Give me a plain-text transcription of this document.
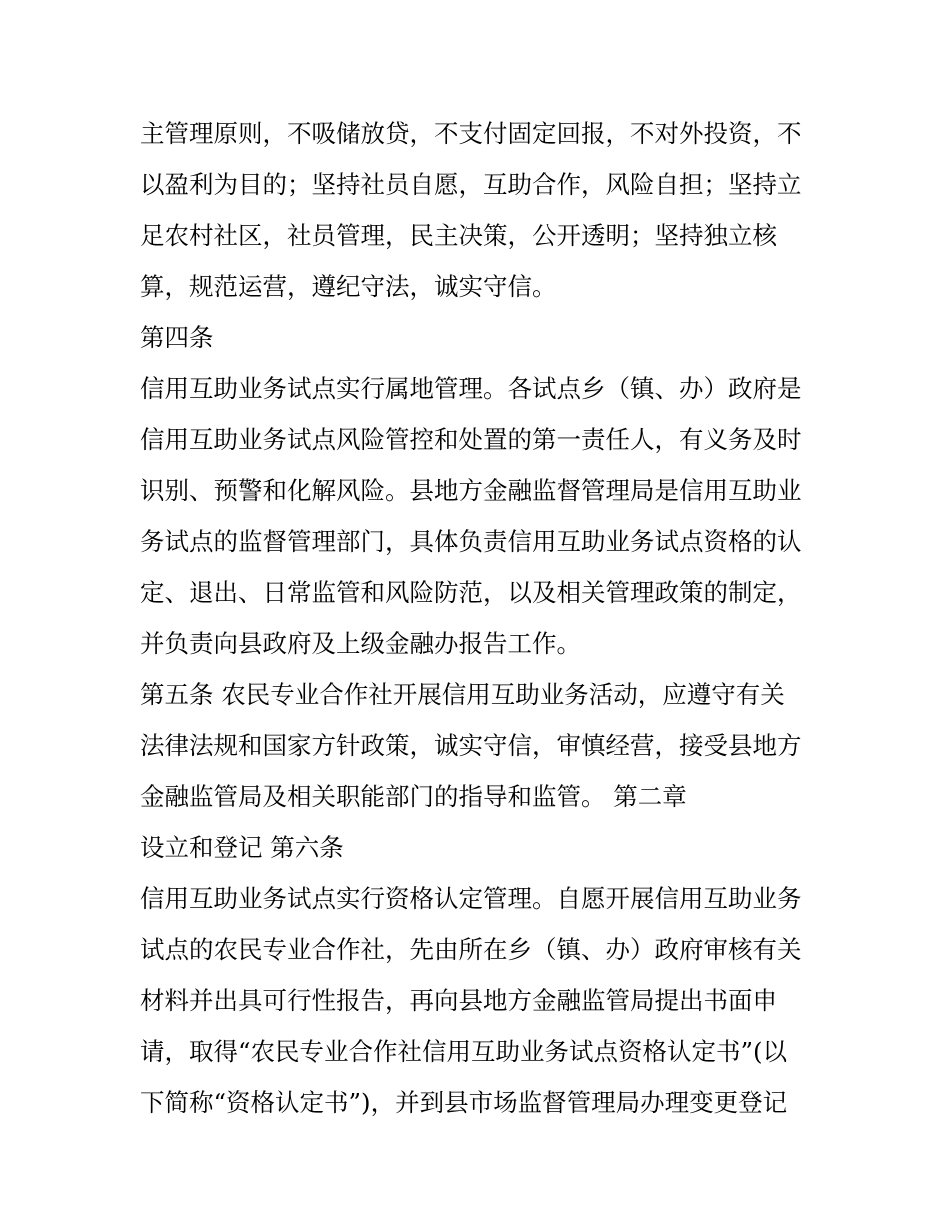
主管理原则，不吸储放贷，不支付固定回报，不对外投资，不
以盈利为目的；坚持社员自愿，互助合作，风险自担；坚持立
足农村社区，社员管理，民主决策，公开透明；坚持独立核
算，规范运营，遵纪守法，诚实守信。
第四条
信用互助业务试点实行属地管理。各试点乡（镇、办）政府是
信用互助业务试点风险管控和处置的第一责任人，有义务及时
识别、预警和化解风险。县地方金融监督管理局是信用互助业
务试点的监督管理部门，具体负责信用互助业务试点资格的认
定、退出、日常监管和风险防范，以及相关管理政策的制定，
并负责向县政府及上级金融办报告工作。
第五条 农民专业合作社开展信用互助业务活动，应遵守有关
法律法规和国家方针政策，诚实守信，审慎经营，接受县地方
金融监管局及相关职能部门的指导和监管。 第二章
设立和登记 第六条
信用互助业务试点实行资格认定管理。自愿开展信用互助业务
试点的农民专业合作社，先由所在乡（镇、办）政府审核有关
材料并出具可行性报告，再向县地方金融监管局提出书面申
请，取得“农民专业合作社信用互助业务试点资格认定书”(以
下简称“资格认定书”)，并到县市场监督管理局办理变更登记
